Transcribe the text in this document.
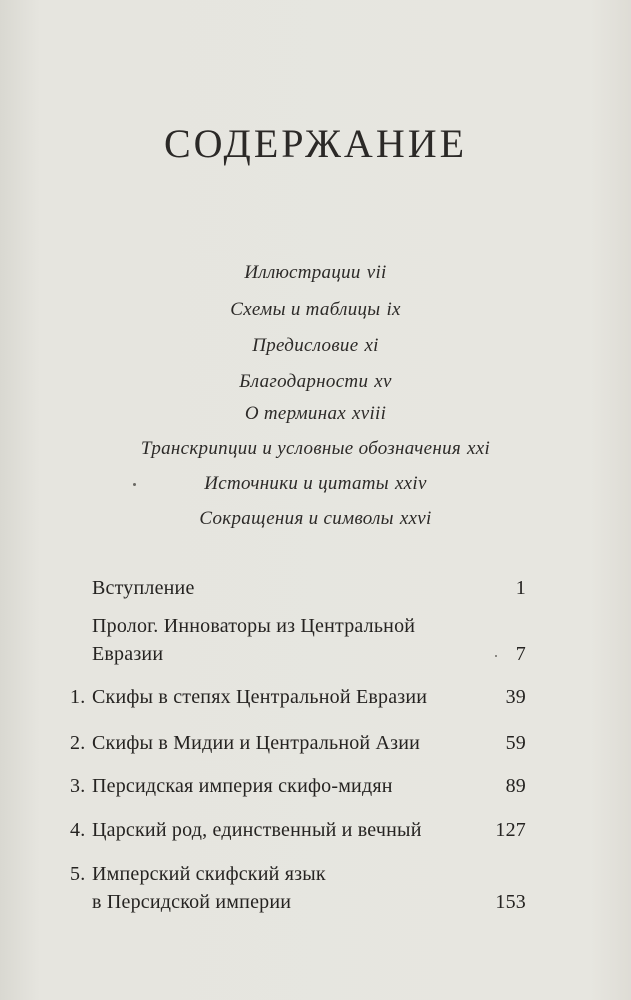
СОДЕРЖАНИЕ
Иллюстрации vii
Схемы и таблицы ix
Предисловие xi
Благодарности xv
О терминах xviii
Транскрипции и условные обозначения xxi
Источники и цитаты xxiv
Сокращения и символы xxvi
Вступление	1
Пролог. Инноваторы из Центральной
Евразии	7
1. Скифы в степях Центральной Евразии	39
2. Скифы в Мидии и Центральной Азии	59
3. Персидская империя скифо-мидян	89
4. Царский род, единственный и вечный	127
5. Имперский скифский язык
в Персидской империи	153
